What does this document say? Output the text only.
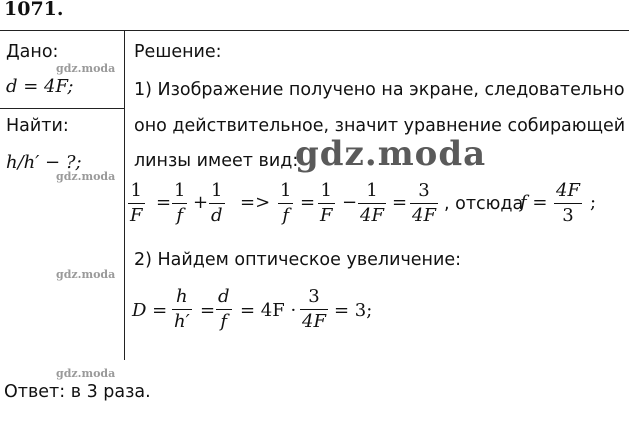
1071.
Дано:
d = 4F;
Найти:
h/h′ − ?;
Решение:
1) Изображение получено на экране, следовательно
оно действительное, значит уравнение собирающей
линзы имеет вид:
1
F
=
1
f
+
1
d
=>
1
f
=
1
F
−
1
4F
=
3
4F
, отсюда
f =
4F
3
;
2) Найдем оптическое увеличение:
D =
h
h′
=
d
f
= 4F ·
3
4F
= 3;
Ответ: в 3 раза.
gdz.moda
gdz.moda
gdz.moda
gdz.moda
gdz.moda
